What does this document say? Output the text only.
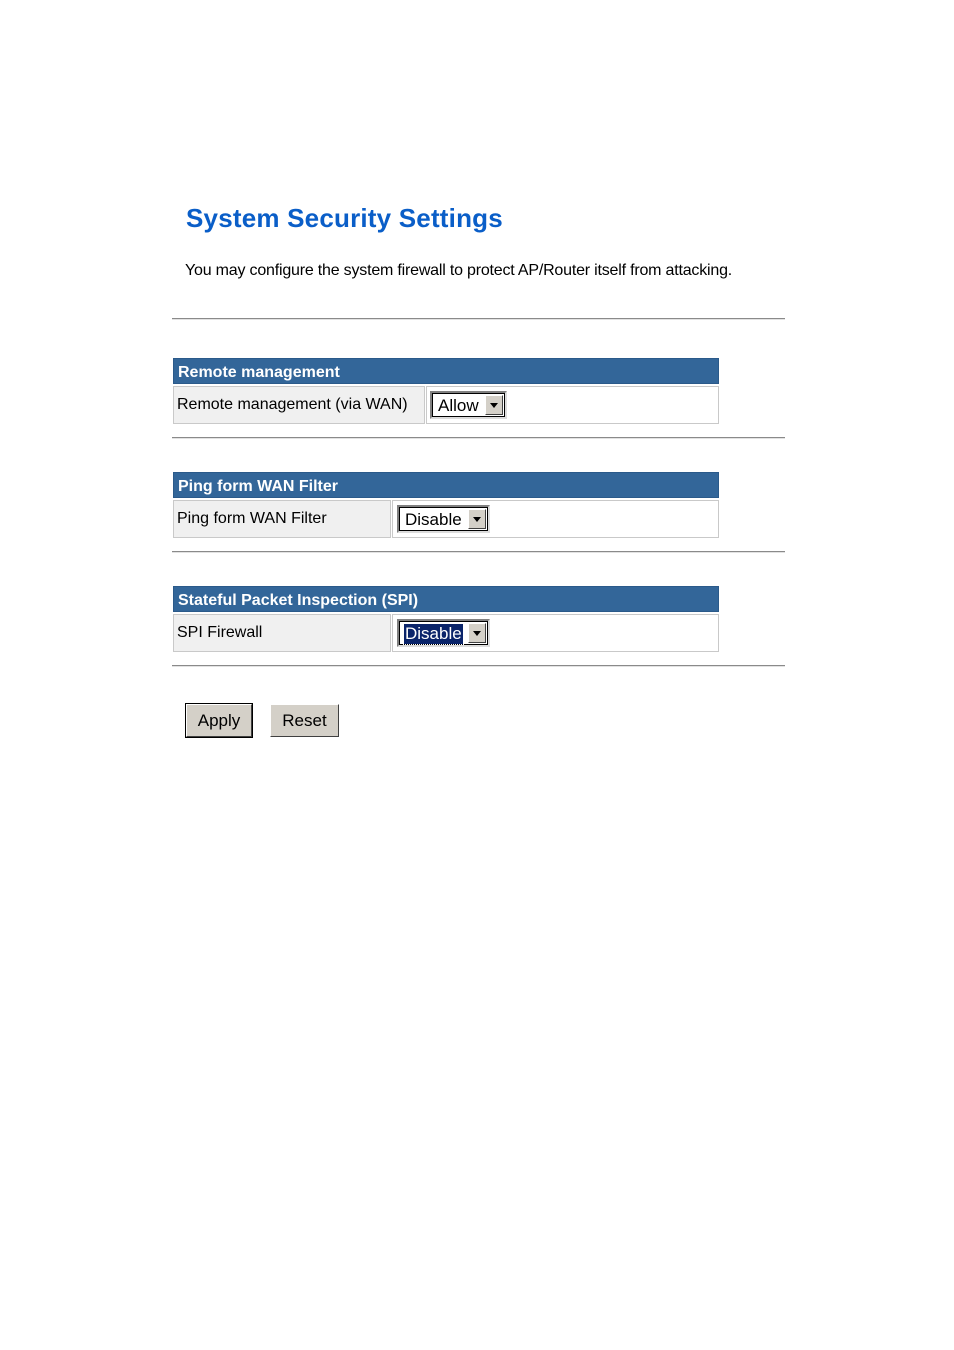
System Security Settings

You may configure the system firewall to protect AP/Router itself from attacking.

Remote management
Remote management (via WAN)	Allow
Ping form WAN Filter
Ping form WAN Filter	Disable
Stateful Packet Inspection (SPI)
SPI Firewall	Disable
Apply	Reset
